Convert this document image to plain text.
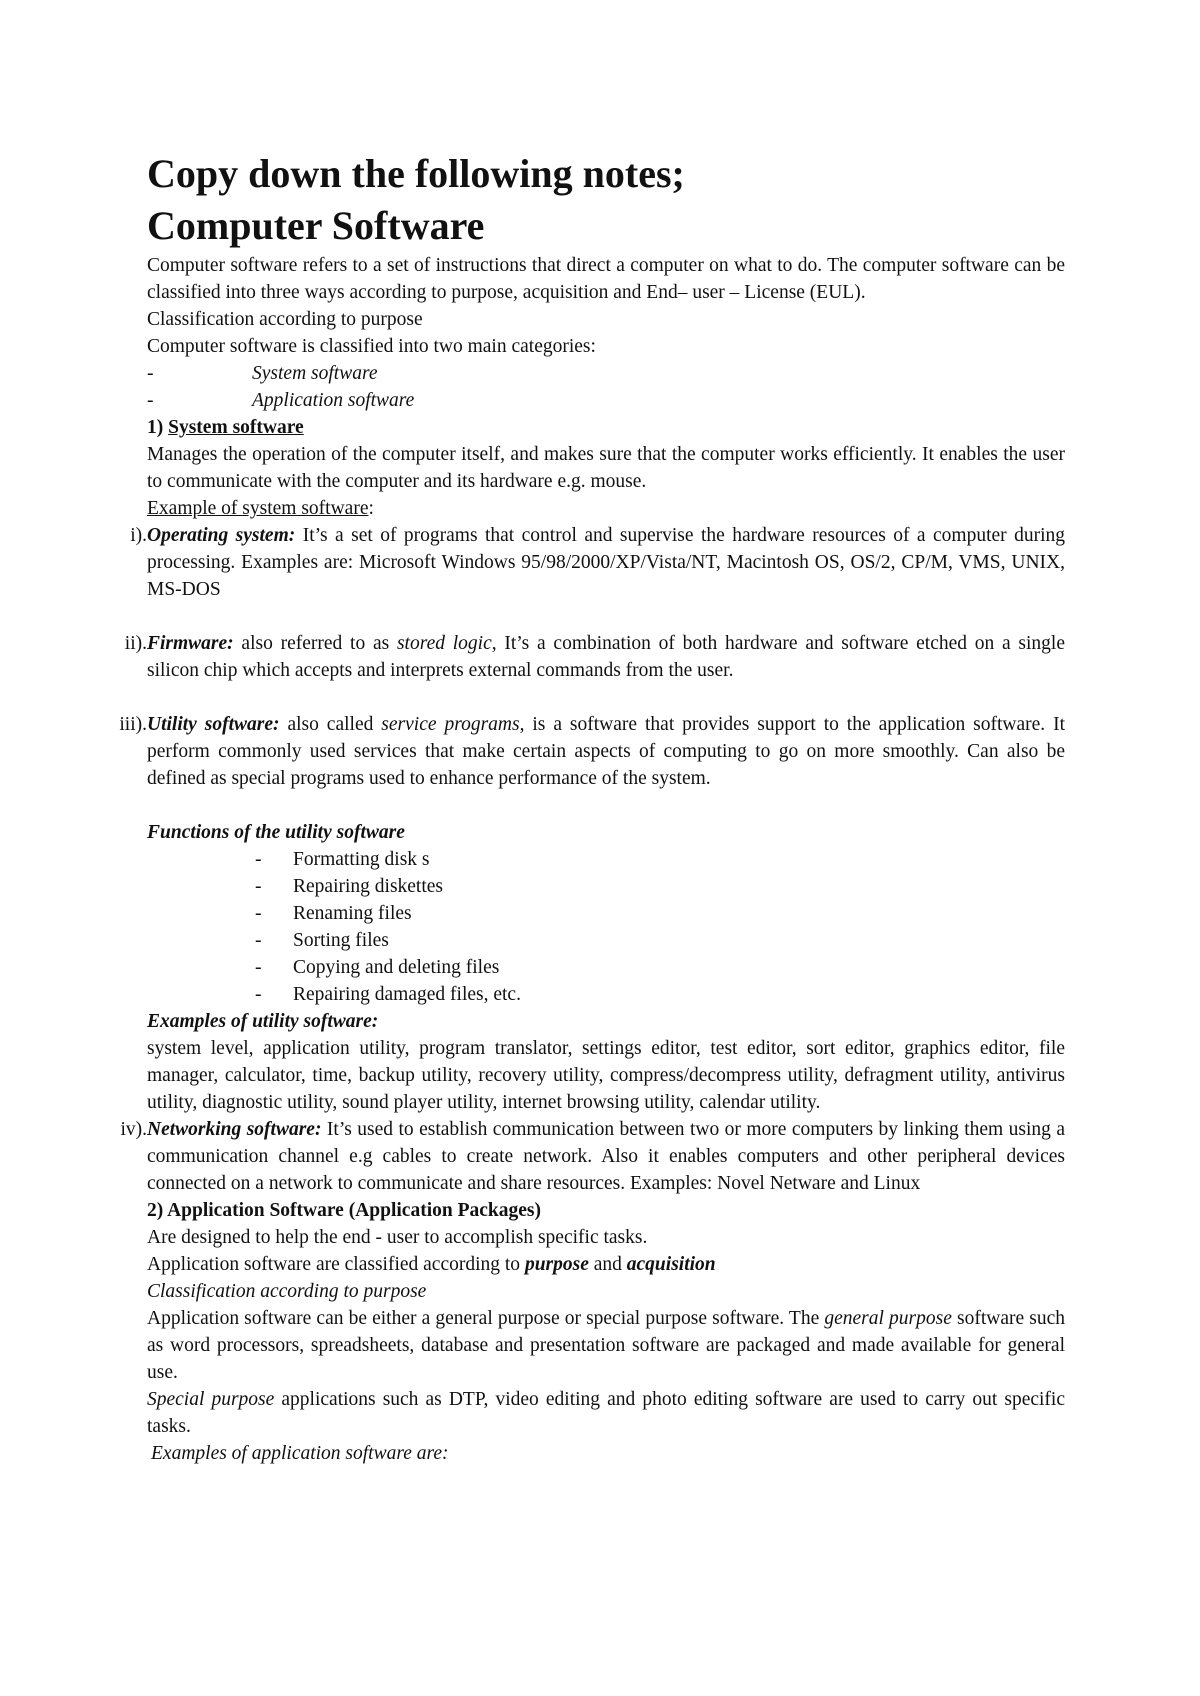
Copy down the following notes;
Computer Software

Computer software refers to a set of instructions that direct a computer on what to do. The computer software can be classified into three ways according to purpose, acquisition and End– user – License (EUL).

Classification according to purpose

Computer software is classified into two main categories:

-	System software
-	Application software

1) System software

Manages the operation of the computer itself, and makes sure that the computer works efficiently. It enables the user to communicate with the computer and its hardware e.g. mouse.

Example of system software:

i). Operating system: It’s a set of programs that control and supervise the hardware resources of a computer during processing. Examples are: Microsoft Windows 95/98/2000/XP/Vista/NT, Macintosh OS, OS/2, CP/M, VMS, UNIX, MS-DOS

ii). Firmware: also referred to as stored logic, It’s a combination of both hardware and software etched on a single silicon chip which accepts and interprets external commands from the user.

iii). Utility software: also called service programs, is a software that provides support to the application software. It perform commonly used services that make certain aspects of computing to go on more smoothly. Can also be defined as special programs used to enhance performance of the system.

Functions of the utility software

-	Formatting disk s
-	Repairing diskettes
-	Renaming files
-	Sorting files
-	Copying and deleting files
-	Repairing damaged files, etc.

Examples of utility software:

system level, application utility, program translator, settings editor, test editor, sort editor, graphics editor, file manager, calculator, time, backup utility, recovery utility, compress/decompress utility, defragment utility, antivirus utility, diagnostic utility, sound player utility, internet browsing utility, calendar utility.

iv). Networking software: It’s used to establish communication between two or more computers by linking them using a communication channel e.g cables to create network. Also it enables computers and other peripheral devices connected on a network to communicate and share resources. Examples: Novel Netware and Linux

2) Application Software (Application Packages)

Are designed to help the end - user to accomplish specific tasks.

Application software are classified according to purpose and acquisition

Classification according to purpose

Application software can be either a general purpose or special purpose software. The general purpose software such as word processors, spreadsheets, database and presentation software are packaged and made available for general use.

Special purpose applications such as DTP, video editing and photo editing software are used to carry out specific tasks.

Examples of application software are:
